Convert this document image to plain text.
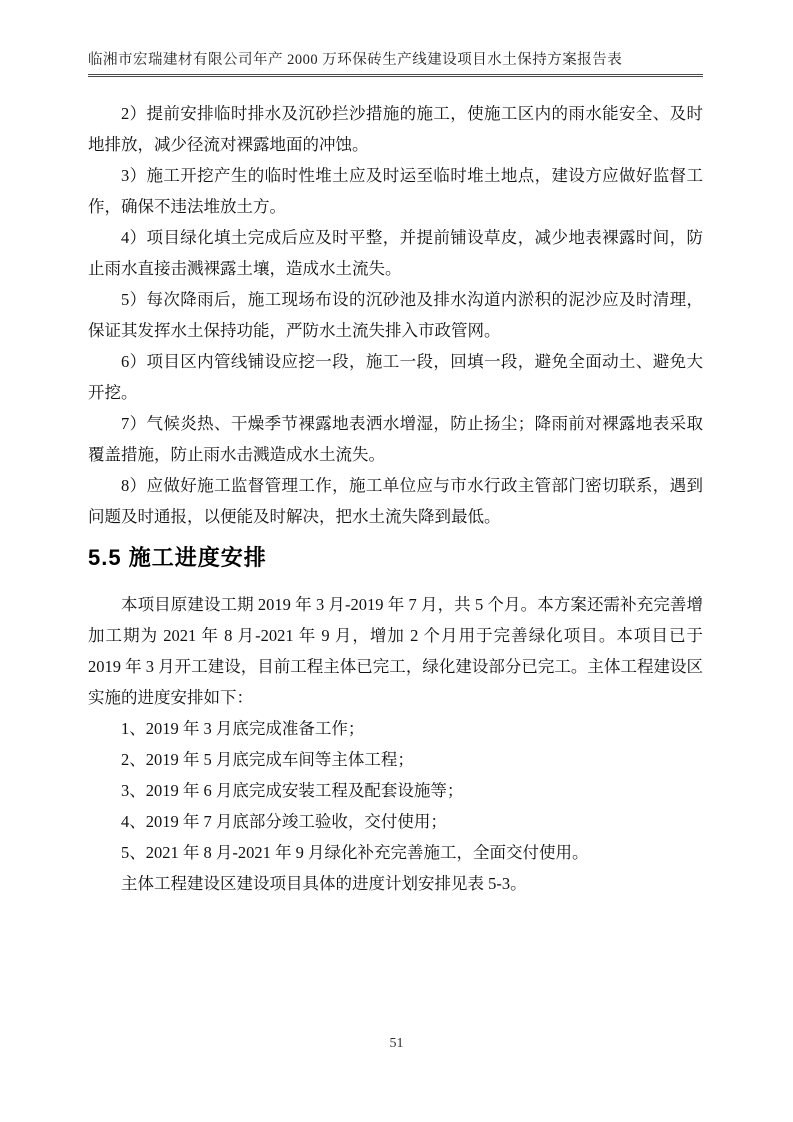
临湘市宏瑞建材有限公司年产 2000 万环保砖生产线建设项目水土保持方案报告表

2）提前安排临时排水及沉砂拦沙措施的施工，使施工区内的雨水能安全、及时地排放，减少径流对裸露地面的冲蚀。

3）施工开挖产生的临时性堆土应及时运至临时堆土地点，建设方应做好监督工作，确保不违法堆放土方。

4）项目绿化填土完成后应及时平整，并提前铺设草皮，减少地表裸露时间，防止雨水直接击溅裸露土壤，造成水土流失。

5）每次降雨后，施工现场布设的沉砂池及排水沟道内淤积的泥沙应及时清理，保证其发挥水土保持功能，严防水土流失排入市政管网。

6）项目区内管线铺设应挖一段，施工一段，回填一段，避免全面动土、避免大开挖。

7）气候炎热、干燥季节裸露地表洒水增湿，防止扬尘；降雨前对裸露地表采取覆盖措施，防止雨水击溅造成水土流失。

8）应做好施工监督管理工作，施工单位应与市水行政主管部门密切联系，遇到问题及时通报，以便能及时解决，把水土流失降到最低。

5.5 施工进度安排

本项目原建设工期 2019 年 3 月-2019 年 7 月，共 5 个月。本方案还需补充完善增加工期为 2021 年 8 月-2021 年 9 月，增加 2 个月用于完善绿化项目。本项目已于 2019 年 3 月开工建设，目前工程主体已完工，绿化建设部分已完工。主体工程建设区实施的进度安排如下：

1、2019 年 3 月底完成准备工作；

2、2019 年 5 月底完成车间等主体工程；

3、2019 年 6 月底完成安装工程及配套设施等；

4、2019 年 7 月底部分竣工验收，交付使用；

5、2021 年 8 月-2021 年 9 月绿化补充完善施工，全面交付使用。

主体工程建设区建设项目具体的进度计划安排见表 5-3。

51
